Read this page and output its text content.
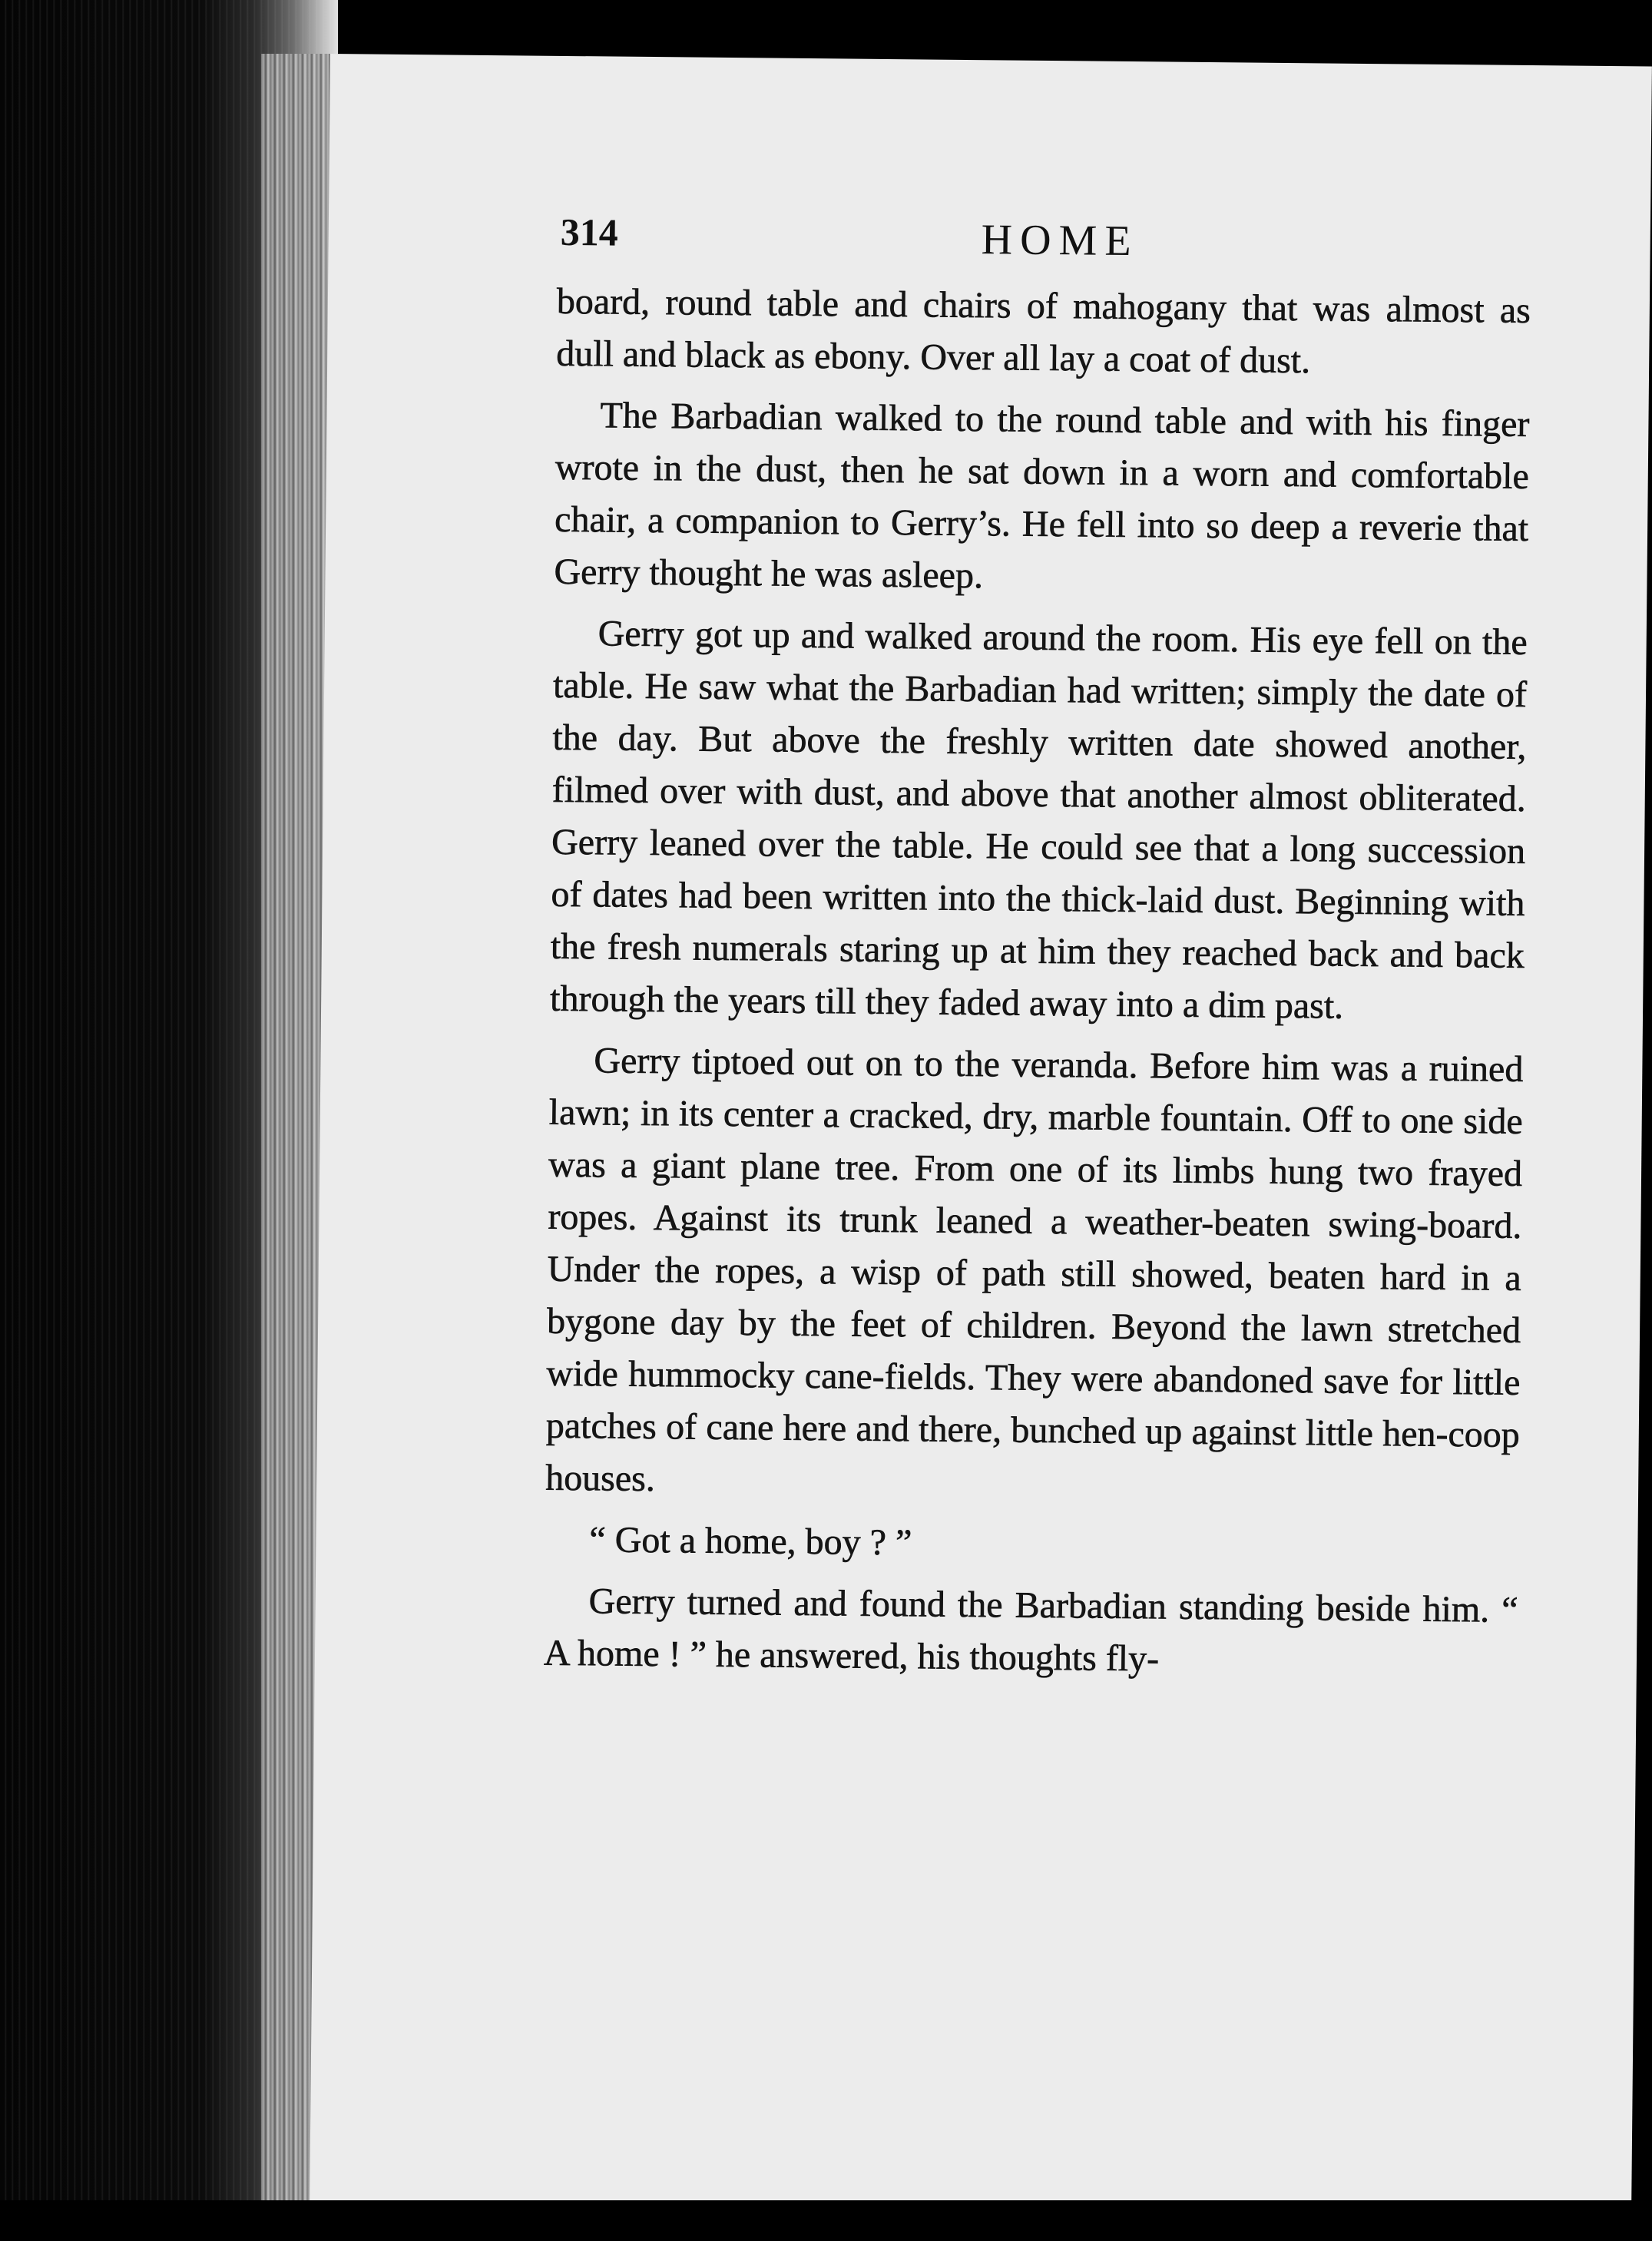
314	HOME

board, round table and chairs of mahogany that was almost as dull and black as ebony. Over all lay a coat of dust.

The Barbadian walked to the round table and with his finger wrote in the dust, then he sat down in a worn and comfortable chair, a companion to Gerry’s. He fell into so deep a reverie that Gerry thought he was asleep.

Gerry got up and walked around the room. His eye fell on the table. He saw what the Barbadian had written; simply the date of the day. But above the freshly written date showed another, filmed over with dust, and above that another almost obliterated. Gerry leaned over the table. He could see that a long succession of dates had been written into the thick-laid dust. Beginning with the fresh numerals staring up at him they reached back and back through the years till they faded away into a dim past.

Gerry tiptoed out on to the veranda. Before him was a ruined lawn; in its center a cracked, dry, marble fountain. Off to one side was a giant plane tree. From one of its limbs hung two frayed ropes. Against its trunk leaned a weather-beaten swing-board. Under the ropes, a wisp of path still showed, beaten hard in a bygone day by the feet of children. Beyond the lawn stretched wide hummocky cane-fields. They were abandoned save for little patches of cane here and there, bunched up against little hen-coop houses.

“ Got a home, boy ? ”

Gerry turned and found the Barbadian standing beside him. “ A home ! ” he answered, his thoughts fly-
